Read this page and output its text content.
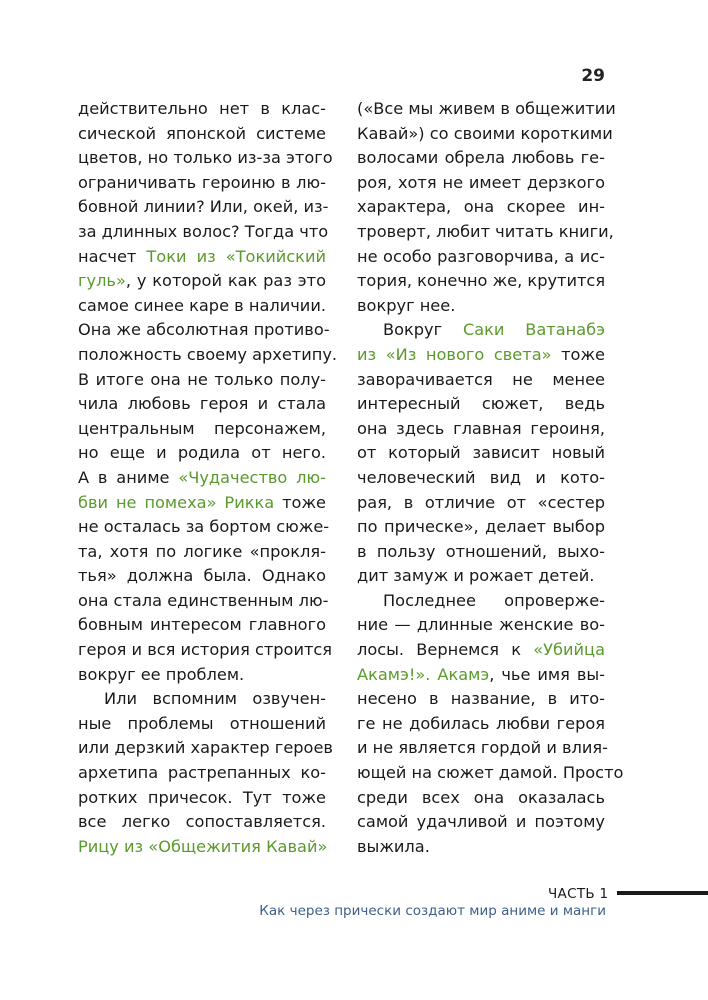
29
действительно нет в клас-
сической японской системе
цветов, но только из-за этого
ограничивать героиню в лю-
бовной линии? Или, окей, из-
за длинных волос? Тогда что
насчет Токи из «Токийский
гуль», у которой как раз это
самое синее каре в наличии.
Она же абсолютная противо-
положность своему архетипу.
В итоге она не только полу-
чила любовь героя и стала
центральным персонажем,
но еще и родила от него.
А в аниме «Чудачество лю-
бви не помеха» Рикка тоже
не осталась за бортом сюже-
та, хотя по логике «прокля-
тья» должна была. Однако
она стала единственным лю-
бовным интересом главного
героя и вся история строится
вокруг ее проблем.
Или вспомним озвучен-
ные проблемы отношений
или дерзкий характер героев
архетипа растрепанных ко-
ротких причесок. Тут тоже
все легко сопоставляется.
Рицу из «Общежития Кавай»
(«Все мы живем в общежитии
Кавай») со своими короткими
волосами обрела любовь ге-
роя, хотя не имеет дерзкого
характера, она скорее ин-
троверт, любит читать книги,
не особо разговорчива, а ис-
тория, конечно же, крутится
вокруг нее.
Вокруг Саки Ватанабэ
из «Из нового света» тоже
заворачивается не менее
интересный сюжет, ведь
она здесь главная героиня,
от который зависит новый
человеческий вид и кото-
рая, в отличие от «сестер
по прическе», делает выбор
в пользу отношений, выхо-
дит замуж и рожает детей.
Последнее опроверже-
ние — длинные женские во-
лосы. Вернемся к «Убийца
Акамэ!». Акамэ, чье имя вы-
несено в название, в ито-
ге не добилась любви героя
и не является гордой и влия-
ющей на сюжет дамой. Просто
среди всех она оказалась
самой удачливой и поэтому
выжила.
ЧАСТЬ 1
Как через прически создают мир аниме и манги
